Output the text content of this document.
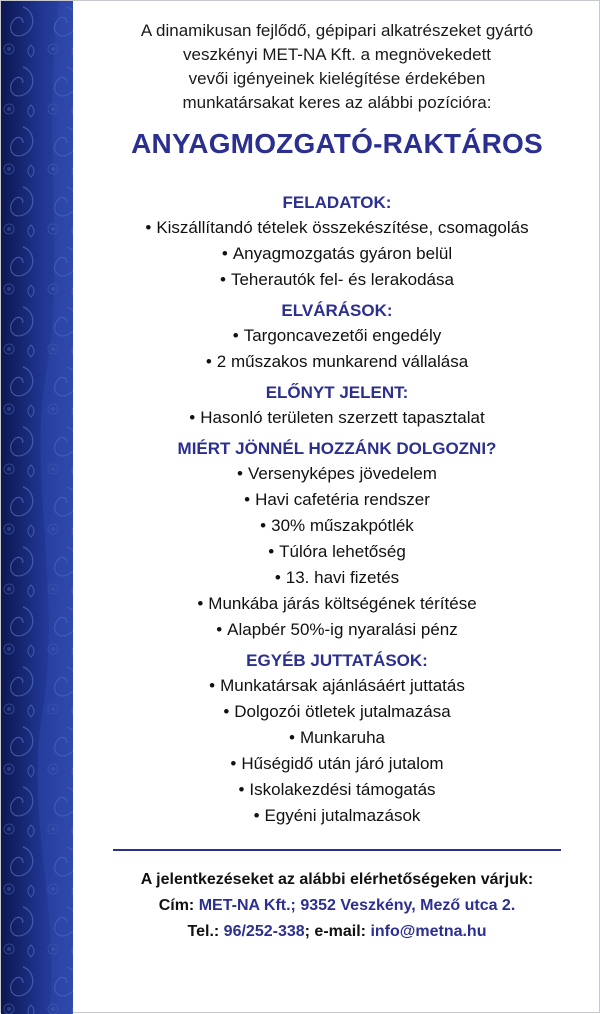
A dinamikusan fejlődő, gépipari alkatrészeket gyártó
veszkényi MET-NA Kft. a megnövekedett
vevői igényeinek kielégítése érdekében
munkatársakat keres az alábbi pozícióra:
ANYAGMOZGATÓ-RAKTÁROS
FELADATOK:
• Kiszállítandó tételek összekészítése, csomagolás
• Anyagmozgatás gyáron belül
• Teherautók fel- és lerakodása
ELVÁRÁSOK:
• Targoncavezetői engedély
• 2 műszakos munkarend vállalása
ELŐNYT JELENT:
• Hasonló területen szerzett tapasztalat
MIÉRT JÖNNÉL HOZZÁNK DOLGOZNI?
• Versenyképes jövedelem
• Havi cafetéria rendszer
• 30% műszakpótlék
• Túlóra lehetőség
• 13. havi fizetés
• Munkába járás költségének térítése
• Alapbér 50%-ig nyaralási pénz
EGYÉB JUTTATÁSOK:
• Munkatársak ajánlásáért juttatás
• Dolgozói ötletek jutalmazása
• Munkaruha
• Hűségidő után járó jutalom
• Iskolakezdési támogatás
• Egyéni jutalmazások
A jelentkezéseket az alábbi elérhetőségeken várjuk:
Cím: MET-NA Kft.; 9352 Veszkény, Mező utca 2.
Tel.: 96/252-338; e-mail: info@metna.hu
